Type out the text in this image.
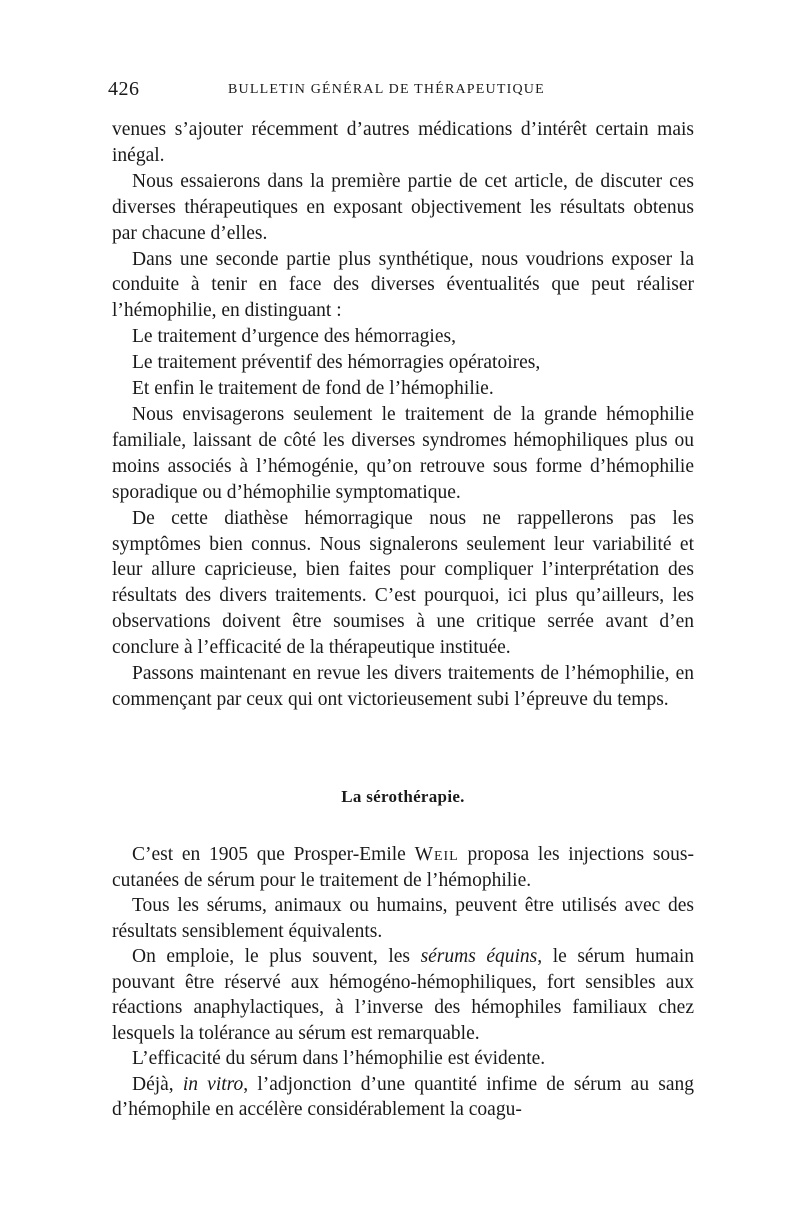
426	BULLETIN GÉNÉRAL DE THÉRAPEUTIQUE

venues s’ajouter récemment d’autres médications d’intérêt certain mais inégal.

Nous essaierons dans la première partie de cet article, de discuter ces diverses thérapeutiques en exposant objectivement les résultats obtenus par chacune d’elles.

Dans une seconde partie plus synthétique, nous voudrions exposer la conduite à tenir en face des diverses éventualités que peut réaliser l’hémophilie, en distinguant :

Le traitement d’urgence des hémorragies,

Le traitement préventif des hémorragies opératoires,

Et enfin le traitement de fond de l’hémophilie.

Nous envisagerons seulement le traitement de la grande hémophilie familiale, laissant de côté les diverses syndromes hémophiliques plus ou moins associés à l’hémogénie, qu’on retrouve sous forme d’hémophilie sporadique ou d’hémophilie symptomatique.

De cette diathèse hémorragique nous ne rappellerons pas les symptômes bien connus. Nous signalerons seulement leur variabilité et leur allure capricieuse, bien faites pour compliquer l’interprétation des résultats des divers traitements. C’est pourquoi, ici plus qu’ailleurs, les observations doivent être soumises à une critique serrée avant d’en conclure à l’efficacité de la thérapeutique instituée.

Passons maintenant en revue les divers traitements de l’hémophilie, en commençant par ceux qui ont victorieusement subi l’épreuve du temps.

La sérothérapie.

C’est en 1905 que Prosper-Emile Weil proposa les injections sous-cutanées de sérum pour le traitement de l’hémophilie.

Tous les sérums, animaux ou humains, peuvent être utilisés avec des résultats sensiblement équivalents.

On emploie, le plus souvent, les sérums équins, le sérum humain pouvant être réservé aux hémogéno-hémophiliques, fort sensibles aux réactions anaphylactiques, à l’inverse des hémophiles familiaux chez lesquels la tolérance au sérum est remarquable.

L’efficacité du sérum dans l’hémophilie est évidente.

Déjà, in vitro, l’adjonction d’une quantité infime de sérum au sang d’hémophile en accélère considérablement la coagu-
